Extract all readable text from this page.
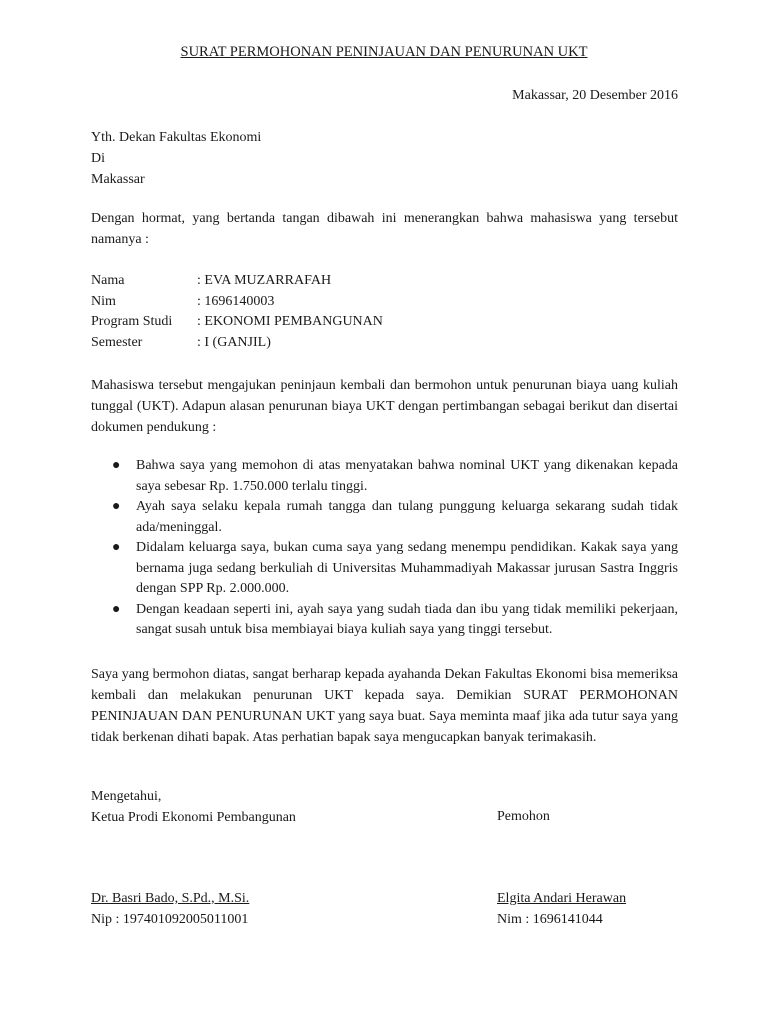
SURAT PERMOHONAN PENINJAUAN DAN PENURUNAN UKT
Makassar, 20 Desember 2016
Yth. Dekan Fakultas Ekonomi
Di
Makassar

Dengan hormat, yang bertanda tangan dibawah ini menerangkan bahwa mahasiswa yang tersebut namanya :

Nama	: EVA MUZARRAFAH
Nim	: 1696140003
Program Studi	: EKONOMI PEMBANGUNAN
Semester	: I (GANJIL)

Mahasiswa tersebut mengajukan peninjaun kembali dan bermohon untuk penurunan biaya uang kuliah tunggal (UKT). Adapun alasan penurunan biaya UKT dengan pertimbangan sebagai berikut dan disertai dokumen pendukung :

● Bahwa saya yang memohon di atas menyatakan bahwa nominal UKT yang dikenakan kepada saya sebesar Rp. 1.750.000 terlalu tinggi.
● Ayah saya selaku kepala rumah tangga dan tulang punggung keluarga sekarang sudah tidak ada/meninggal.
● Didalam keluarga saya, bukan cuma saya yang sedang menempu pendidikan. Kakak saya yang bernama juga sedang berkuliah di Universitas Muhammadiyah Makassar jurusan Sastra Inggris dengan SPP Rp. 2.000.000.
● Dengan keadaan seperti ini, ayah saya yang sudah tiada dan ibu yang tidak memiliki pekerjaan, sangat susah untuk bisa membiayai biaya kuliah saya yang tinggi tersebut.

Saya yang bermohon diatas, sangat berharap kepada ayahanda Dekan Fakultas Ekonomi bisa memeriksa kembali dan melakukan penurunan UKT kepada saya. Demikian SURAT PERMOHONAN PENINJAUAN DAN PENURUNAN UKT yang saya buat. Saya meminta maaf jika ada tutur saya yang tidak berkenan dihati bapak. Atas perhatian bapak saya mengucapkan banyak terimakasih.

Mengetahui,
Ketua Prodi Ekonomi Pembangunan	Pemohon
Dr. Basri Bado, S.Pd., M.Si.
Nip : 197401092005011001
Elgita Andari Herawan
Nim : 1696141044
